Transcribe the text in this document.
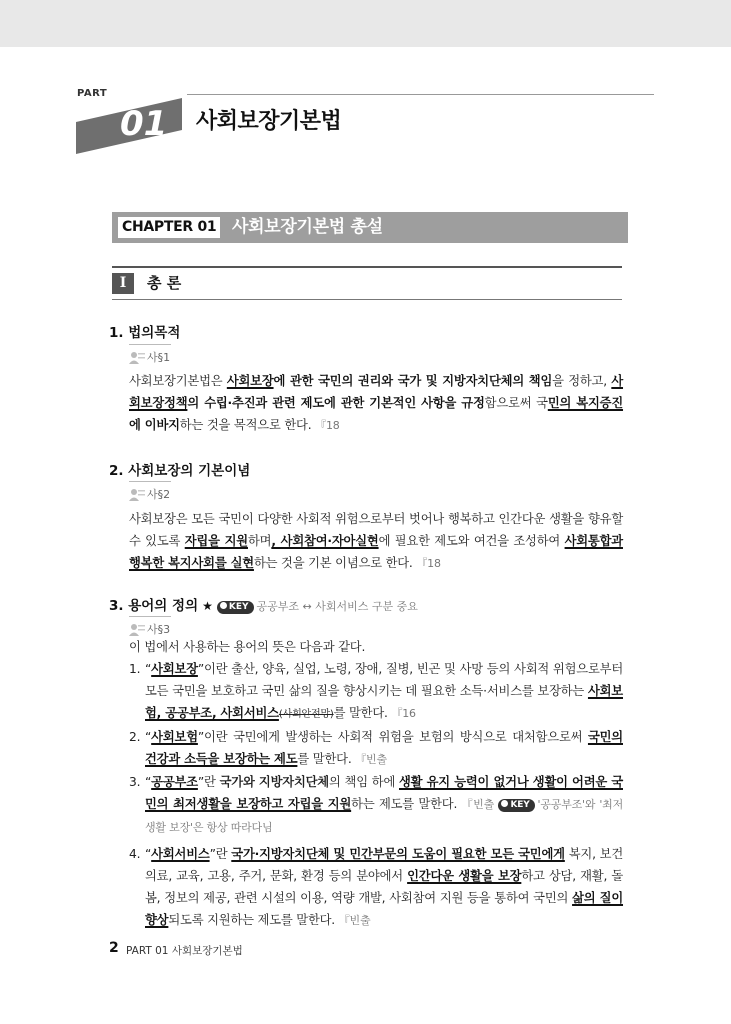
PART
01 사회보장기본법
CHAPTER 01 사회보장기본법 총설
I	총 론
1. 법의목적
사§1
사회보장기본법은 사회보장에 관한 국민의 권리와 국가 및 지방자치단체의 책임을 정하고, 사회보장정책의 수립·추진과 관련 제도에 관한 기본적인 사항을 규정함으로써 국민의 복지증진에 이바지하는 것을 목적으로 한다. 『18
2. 사회보장의 기본이념
사§2
사회보장은 모든 국민이 다양한 사회적 위험으로부터 벗어나 행복하고 인간다운 생활을 향유할 수 있도록 자립을 지원하며, 사회참여·자아실현에 필요한 제도와 여건을 조성하여 사회통합과 행복한 복지사회를 실현하는 것을 기본 이념으로 한다. 『18
3. 용어의 정의 ★ KEY 공공부조 ↔ 사회서비스 구분 중요
사§3
이 법에서 사용하는 용어의 뜻은 다음과 같다.
1. “사회보장”이란 출산, 양육, 실업, 노령, 장애, 질병, 빈곤 및 사망 등의 사회적 위험으로부터 모든 국민을 보호하고 국민 삶의 질을 향상시키는 데 필요한 소득·서비스를 보장하는 사회보험, 공공부조, 사회서비스(사회안전망)를 말한다. 『16
2. “사회보험”이란 국민에게 발생하는 사회적 위험을 보험의 방식으로 대처함으로써 국민의 건강과 소득을 보장하는 제도를 말한다. 『빈출
3. “공공부조”란 국가와 지방자치단체의 책임 하에 생활 유지 능력이 없거나 생활이 어려운 국민의 최저생활을 보장하고 자립을 지원하는 제도를 말한다. 『빈출 KEY '공공부조'와 '최저생활 보장'은 항상 따라다님
4. “사회서비스”란 국가·지방자치단체 및 민간부문의 도움이 필요한 모든 국민에게 복지, 보건의료, 교육, 고용, 주거, 문화, 환경 등의 분야에서 인간다운 생활을 보장하고 상담, 재활, 돌봄, 정보의 제공, 관련 시설의 이용, 역량 개발, 사회참여 지원 등을 통하여 국민의 삶의 질이 향상되도록 지원하는 제도를 말한다. 『빈출
2 PART 01 사회보장기본법
